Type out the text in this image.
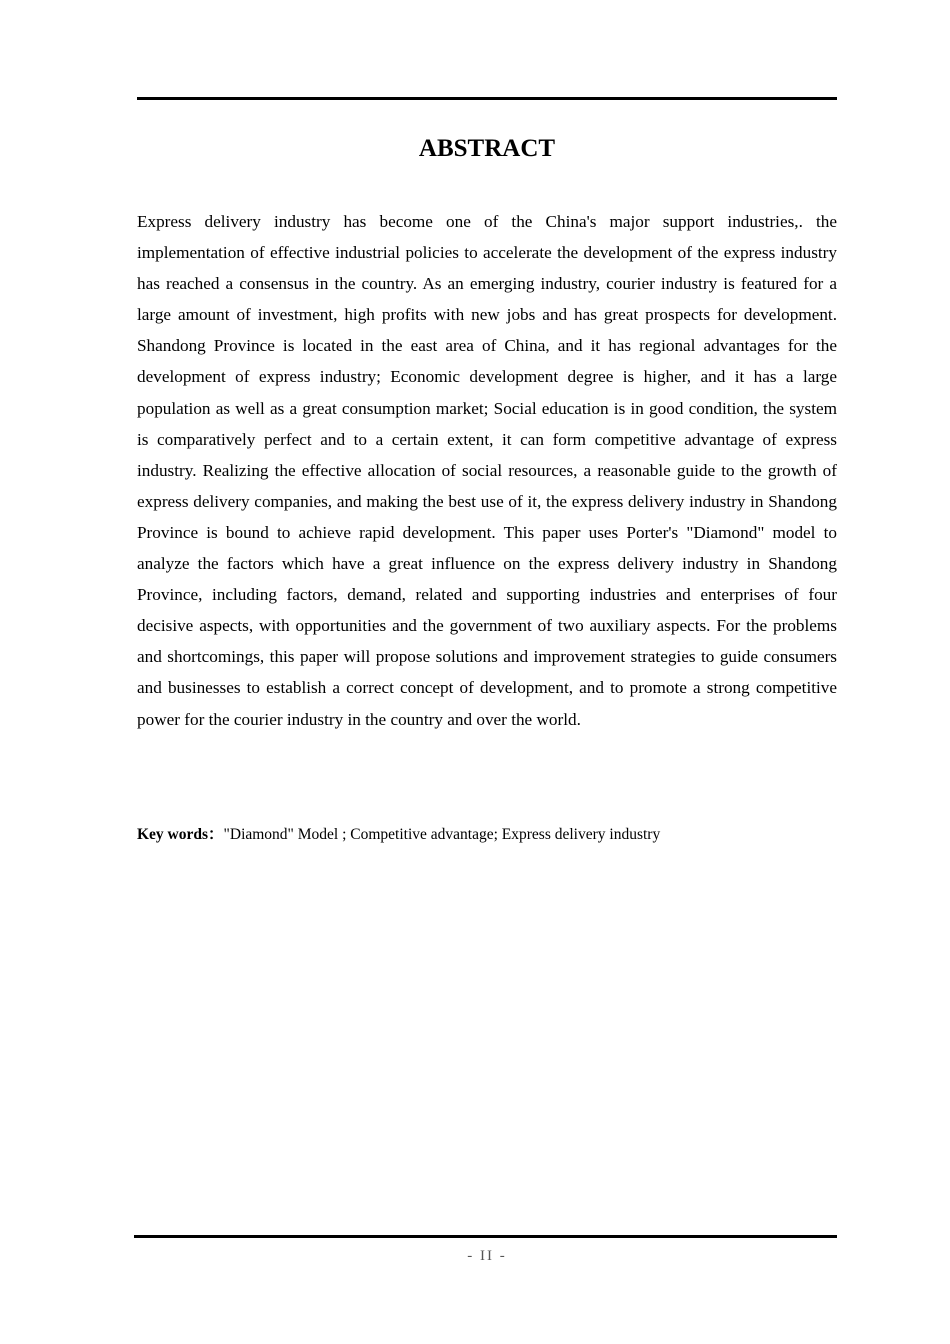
ABSTRACT

Express delivery industry has become one of the China's major support industries,. the implementation of effective industrial policies to accelerate the development of the express industry has reached a consensus in the country. As an emerging industry, courier industry is featured for a large amount of investment, high profits with new jobs and has great prospects for development. Shandong Province is located in the east area of China, and it has regional advantages for the development of express industry; Economic development degree is higher, and it has a large population as well as a great consumption market; Social education is in good condition, the system is comparatively perfect and to a certain extent, it can form competitive advantage of express industry. Realizing the effective allocation of social resources, a reasonable guide to the growth of express delivery companies, and making the best use of it, the express delivery industry in Shandong Province is bound to achieve rapid development. This paper uses Porter's "Diamond" model to analyze the factors which have a great influence on the express delivery industry in Shandong Province, including factors, demand, related and supporting industries and enterprises of four decisive aspects, with opportunities and the government of two auxiliary aspects. For the problems and shortcomings, this paper will propose solutions and improvement strategies to guide consumers and businesses to establish a correct concept of development, and to promote a strong competitive power for the courier industry in the country and over the world.

Key words："Diamond" Model ; Competitive advantage; Express delivery industry

- II -
